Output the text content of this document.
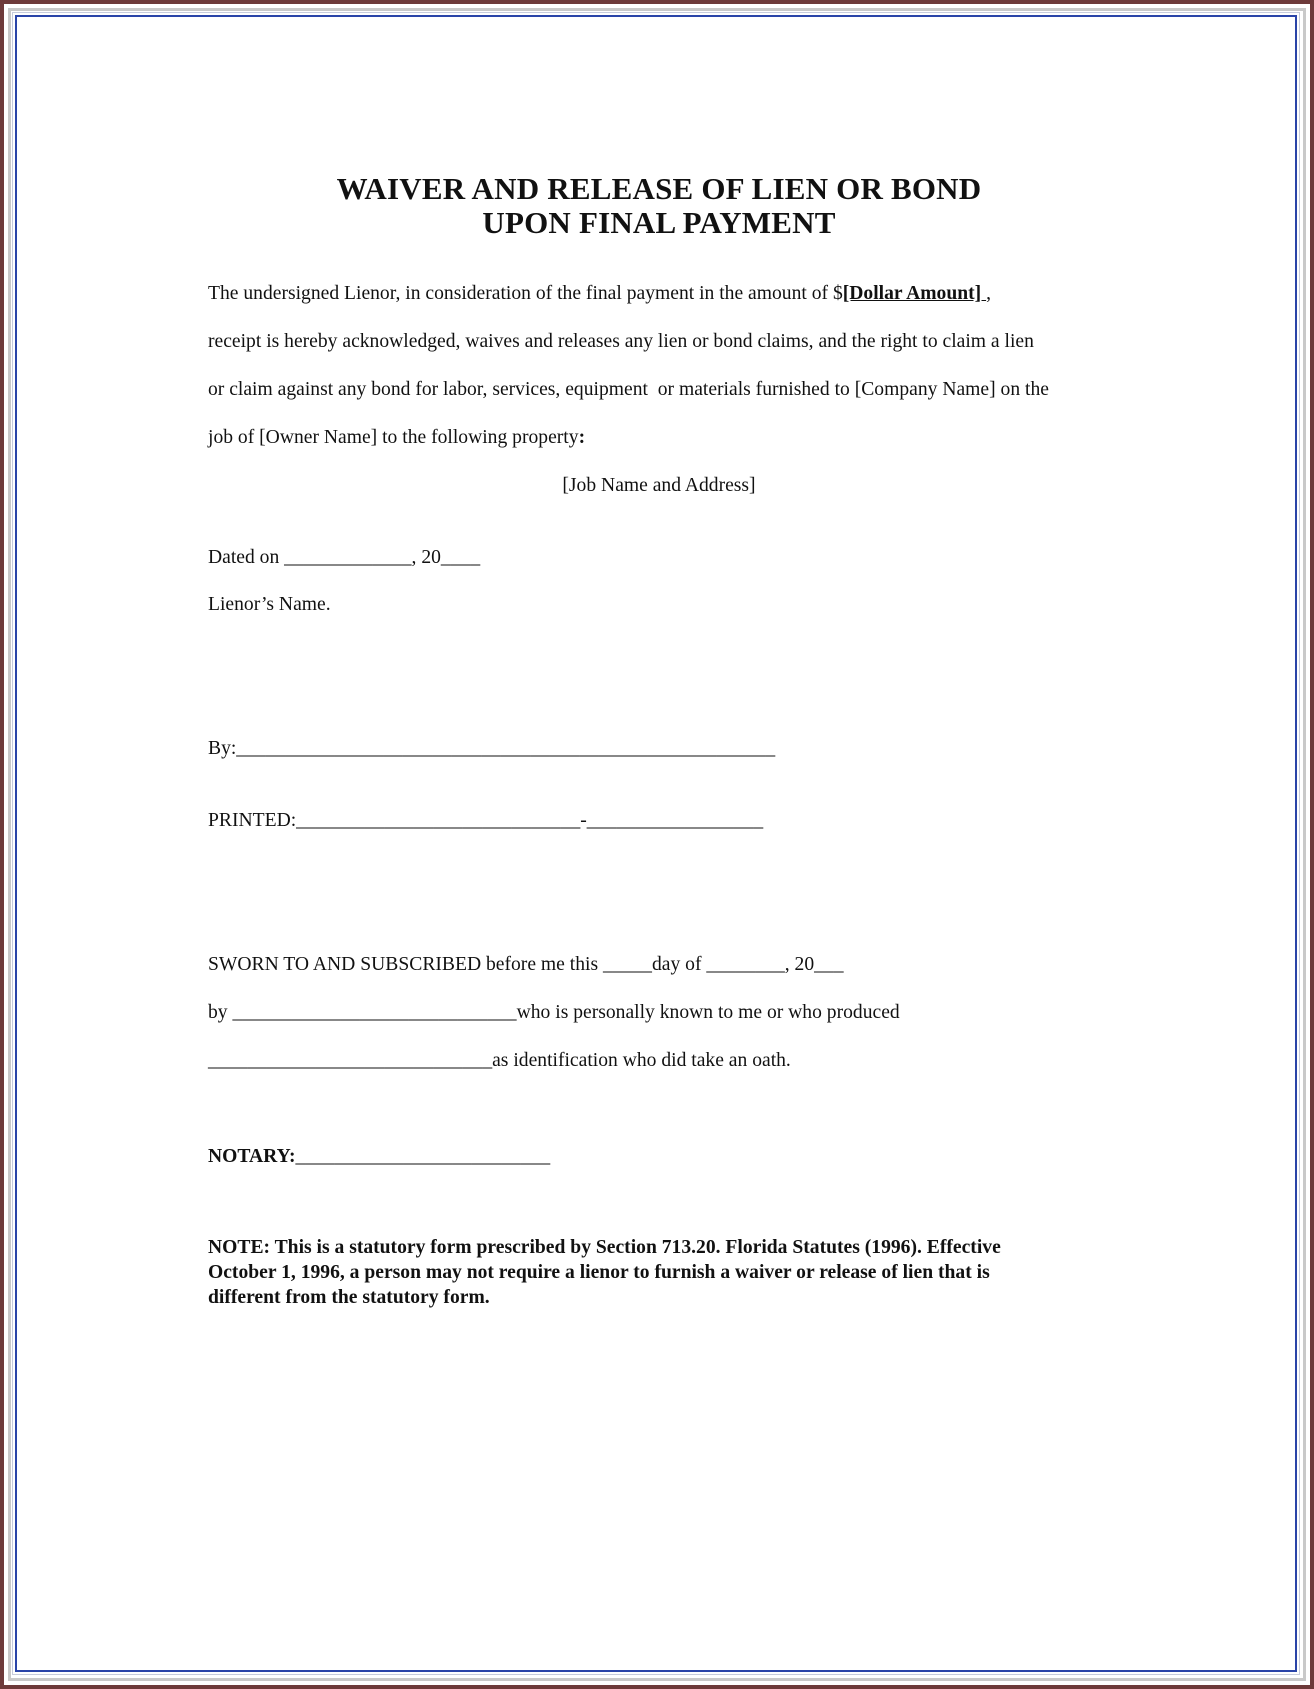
WAIVER AND RELEASE OF LIEN OR BOND
UPON FINAL PAYMENT
The undersigned Lienor, in consideration of the final payment in the amount of $[Dollar Amount] ,
receipt is hereby acknowledged, waives and releases any lien or bond claims, and the right to claim a lien
or claim against any bond for labor, services, equipment  or materials furnished to [Company Name] on the
job of [Owner Name] to the following property:
[Job Name and Address]
Dated on _____________, 20____
Lienor’s Name.
By:_______________________________________________________
PRINTED:_____________________________-__________________
SWORN TO AND SUBSCRIBED before me this _____day of ________, 20___
by _____________________________who is personally known to me or who produced
_____________________________as identification who did take an oath.
NOTARY:__________________________
NOTE: This is a statutory form prescribed by Section 713.20. Florida Statutes (1996). Effective
October 1, 1996, a person may not require a lienor to furnish a waiver or release of lien that is
different from the statutory form.
